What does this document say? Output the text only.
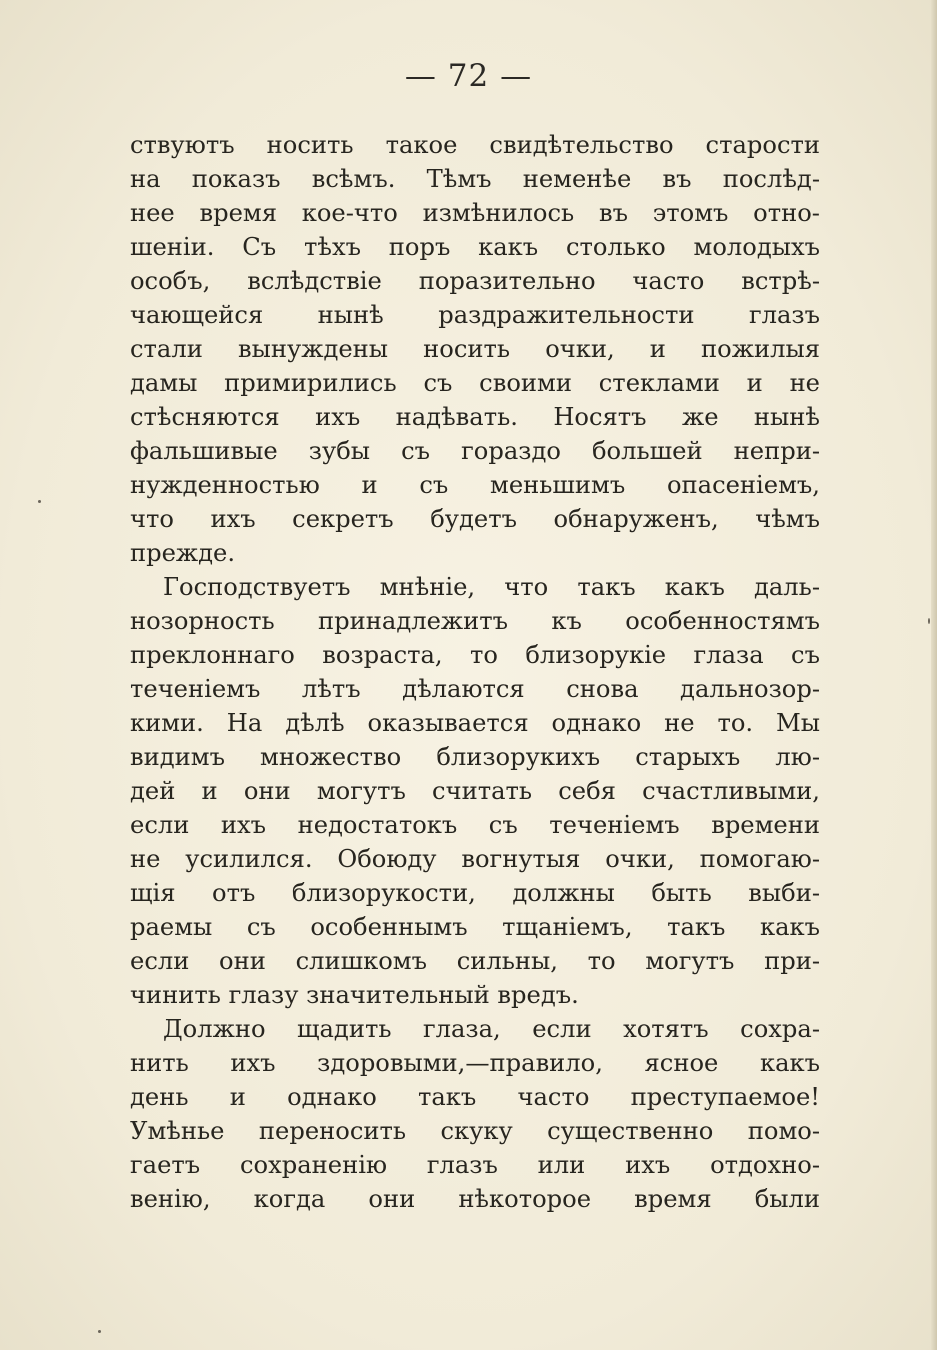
— 72 —
ствуютъ носить такое свидѣтельство старости
на показъ всѣмъ. Тѣмъ неменѣе въ послѣд-
нее время кое-что измѣнилось въ этомъ отно-
шеніи. Съ тѣхъ поръ какъ столько молодыхъ
особъ, вслѣдствіе поразительно часто встрѣ-
чающейся нынѣ раздражительности глазъ
стали вынуждены носить очки, и пожилыя
дамы примирились съ своими стеклами и не
стѣсняются ихъ надѣвать. Носятъ же нынѣ
фальшивые зубы съ гораздо большей непри-
нужденностью и съ меньшимъ опасеніемъ,
что ихъ секретъ будетъ обнаруженъ, чѣмъ
прежде.
Господствуетъ мнѣніе, что такъ какъ даль-
нозорность принадлежитъ къ особенностямъ
преклоннаго возраста, то близорукіе глаза съ
теченіемъ лѣтъ дѣлаются снова дальнозор-
кими. На дѣлѣ оказывается однако не то. Мы
видимъ множество близорукихъ старыхъ лю-
дей и они могутъ считать себя счастливыми,
если ихъ недостатокъ съ теченіемъ времени
не усилился. Обоюду вогнутыя очки, помогаю-
щія отъ близорукости, должны быть выби-
раемы съ особеннымъ тщаніемъ, такъ какъ
если они слишкомъ сильны, то могутъ при-
чинить глазу значительный вредъ.
Должно щадить глаза, если хотятъ сохра-
нить ихъ здоровыми,—правило, ясное какъ
день и однако такъ часто преступаемое!
Умѣнье переносить скуку существенно помо-
гаетъ сохраненію глазъ или ихъ отдохно-
венію, когда они нѣкоторое время были
